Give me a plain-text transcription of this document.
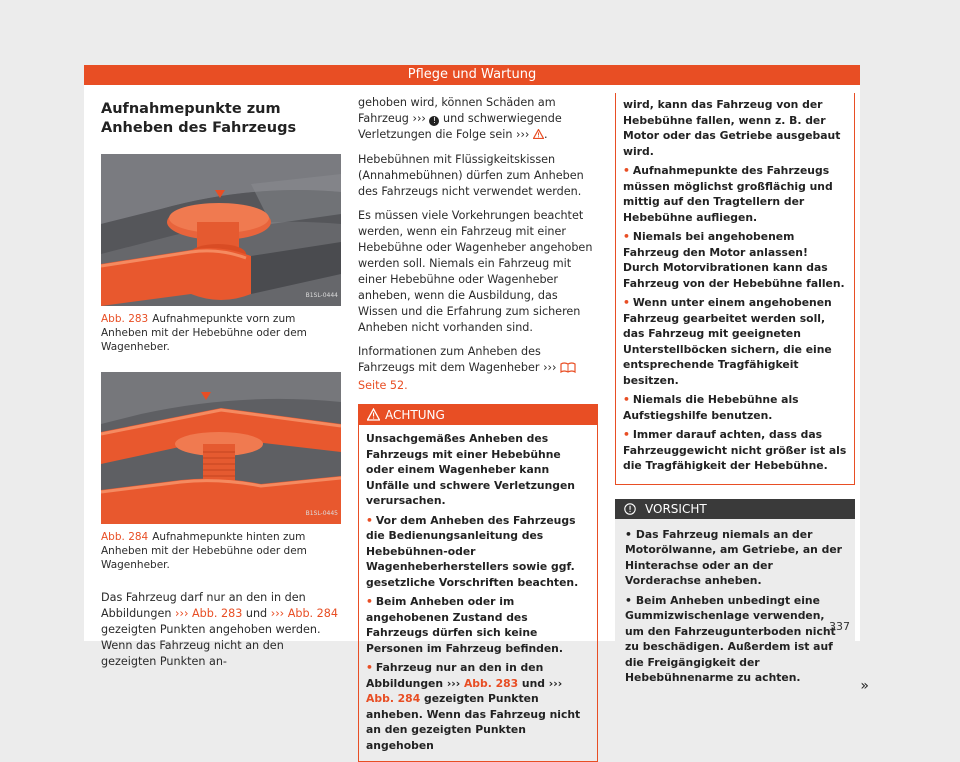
Pflege und Wartung
Aufnahmepunkte zum Anheben des Fahrzeugs
B1SL-0444
Abb. 283 Aufnahmepunkte vorn zum Anheben mit der Hebebühne oder dem Wagenheber.
B1SL-0445
Abb. 284 Aufnahmepunkte hinten zum Anheben mit der Hebebühne oder dem Wagenheber.

Das Fahrzeug darf nur an den in den Abbildungen ››› Abb. 283 und ››› Abb. 284 gezeigten Punkten angehoben werden. Wenn das Fahrzeug nicht an den gezeigten Punkten an-

gehoben wird, können Schäden am Fahrzeug ››› ! und schwerwiegende Verletzungen die Folge sein ››› .

Hebebühnen mit Flüssigkeitskissen (Annahmebühnen) dürfen zum Anheben des Fahrzeugs nicht verwendet werden.

Es müssen viele Vorkehrungen beachtet werden, wenn ein Fahrzeug mit einer Hebebühne oder Wagenheber angehoben werden soll. Niemals ein Fahrzeug mit einer Hebebühne oder Wagenheber anheben, wenn die Ausbildung, das Wissen und die Erfahrung zum sicheren Anheben nicht vorhanden sind.

Informationen zum Anheben des Fahrzeugs mit dem Wagenheber ›››  Seite 52.

ACHTUNG

Unsachgemäßes Anheben des Fahrzeugs mit einer Hebebühne oder einem Wagenheber kann Unfälle und schwere Verletzungen verursachen.

• Vor dem Anheben des Fahrzeugs die Bedienungsanleitung des Hebebühnen-oder Wagenheberherstellers sowie ggf. gesetzliche Vorschriften beachten.

• Beim Anheben oder im angehobenen Zustand des Fahrzeugs dürfen sich keine Personen im Fahrzeug befinden.

• Fahrzeug nur an den in den Abbildungen ››› Abb. 283 und ››› Abb. 284 gezeigten Punkten anheben. Wenn das Fahrzeug nicht an den gezeigten Punkten angehoben

wird, kann das Fahrzeug von der Hebebühne fallen, wenn z. B. der Motor oder das Getriebe ausgebaut wird.

• Aufnahmepunkte des Fahrzeugs müssen möglichst großflächig und mittig auf den Tragtellern der Hebebühne aufliegen.

• Niemals bei angehobenem Fahrzeug den Motor anlassen! Durch Motorvibrationen kann das Fahrzeug von der Hebebühne fallen.

• Wenn unter einem angehobenen Fahrzeug gearbeitet werden soll, das Fahrzeug mit geeigneten Unterstellböcken sichern, die eine entsprechende Tragfähigkeit besitzen.

• Niemals die Hebebühne als Aufstiegshilfe benutzen.

• Immer darauf achten, dass das Fahrzeuggewicht nicht größer ist als die Tragfähigkeit der Hebebühne.

VORSICHT

• Das Fahrzeug niemals an der Motorölwanne, am Getriebe, an der Hinterachse oder an der Vorderachse anheben.

• Beim Anheben unbedingt eine Gummizwischenlage verwenden, um den Fahrzeugunterboden nicht zu beschädigen. Außerdem ist auf die Freigängigkeit der Hebebühnenarme zu achten.	»
337
